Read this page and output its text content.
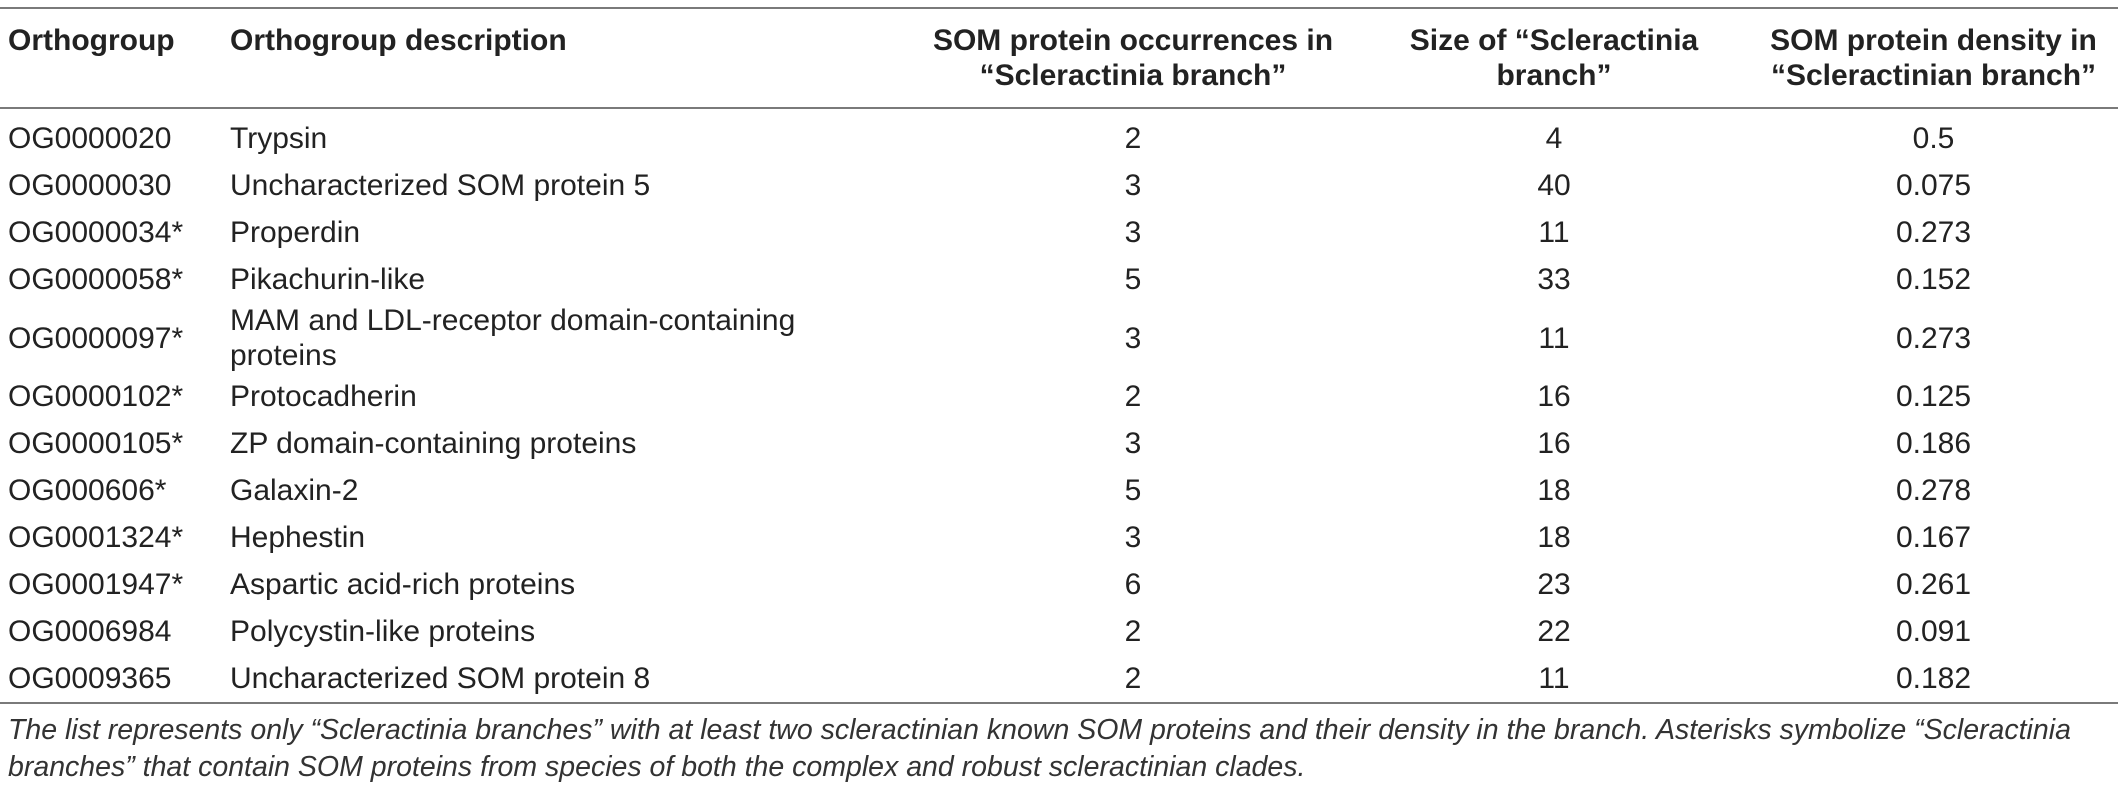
Orthogroup	Orthogroup description	SOM protein occurrences in “Scleractinia branch”	Size of “Scleractinia branch”	SOM protein density in “Scleractinian branch”
OG0000020	Trypsin	2	4	0.5
OG0000030	Uncharacterized SOM protein 5	3	40	0.075
OG0000034*	Properdin	3	11	0.273
OG0000058*	Pikachurin-like	5	33	0.152
OG0000097*	MAM and LDL-receptor domain-containing proteins	3	11	0.273
OG0000102*	Protocadherin	2	16	0.125
OG0000105*	ZP domain-containing proteins	3	16	0.186
OG000606*	Galaxin-2	5	18	0.278
OG0001324*	Hephestin	3	18	0.167
OG0001947*	Aspartic acid-rich proteins	6	23	0.261
OG0006984	Polycystin-like proteins	2	22	0.091
OG0009365	Uncharacterized SOM protein 8	2	11	0.182
The list represents only “Scleractinia branches” with at least two scleractinian known SOM proteins and their density in the branch. Asterisks symbolize “Scleractinia branches” that contain SOM proteins from species of both the complex and robust scleractinian clades.
